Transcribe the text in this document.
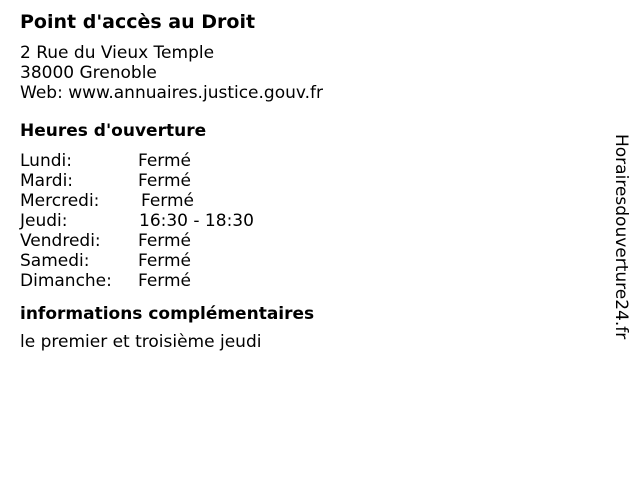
Point d'accès au Droit
2 Rue du Vieux Temple
38000 Grenoble
Web: www.annuaires.justice.gouv.fr
Heures d'ouverture
Lundi:	Fermé
Mardi:	Fermé
Mercredi: Fermé
Jeudi:	16:30 - 18:30
Vendredi: Fermé
Samedi:	Fermé
Dimanche: Fermé
informations complémentaires
le premier et troisième jeudi
Horairesdouverture24.fr
